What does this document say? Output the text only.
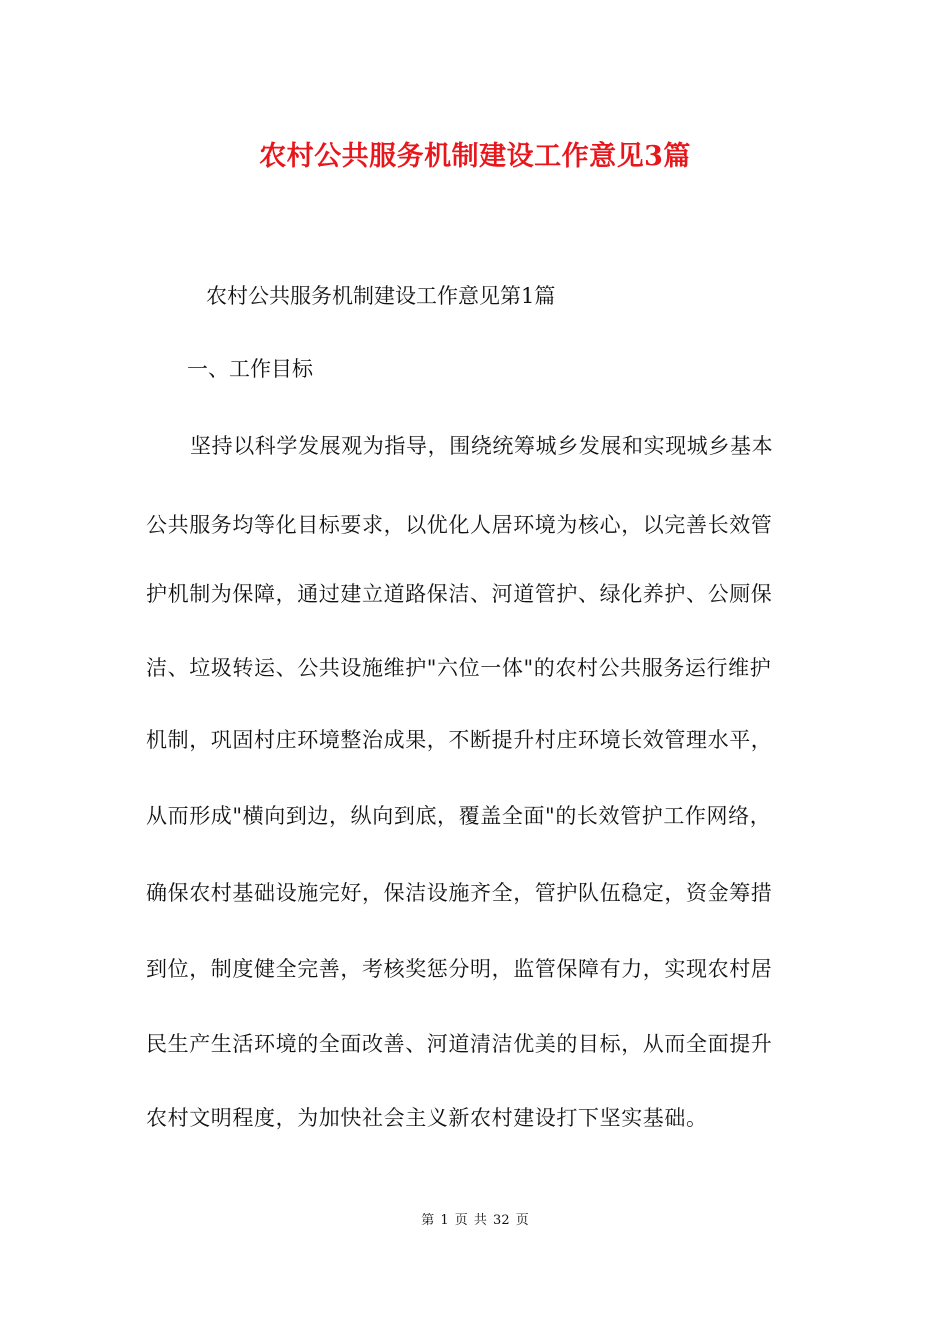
农村公共服务机制建设工作意见3篇

农村公共服务机制建设工作意见第1篇

一、工作目标

坚持以科学发展观为指导，围绕统筹城乡发展和实现城乡基本
公共服务均等化目标要求，以优化人居环境为核心，以完善长效管
护机制为保障，通过建立道路保洁、河道管护、绿化养护、公厕保
洁、垃圾转运、公共设施维护"六位一体"的农村公共服务运行维护
机制，巩固村庄环境整治成果，不断提升村庄环境长效管理水平，
从而形成"横向到边，纵向到底，覆盖全面"的长效管护工作网络，
确保农村基础设施完好，保洁设施齐全，管护队伍稳定，资金筹措
到位，制度健全完善，考核奖惩分明，监管保障有力，实现农村居
民生产生活环境的全面改善、河道清洁优美的目标，从而全面提升
农村文明程度，为加快社会主义新农村建设打下坚实基础。
第 1 页 共 32 页
